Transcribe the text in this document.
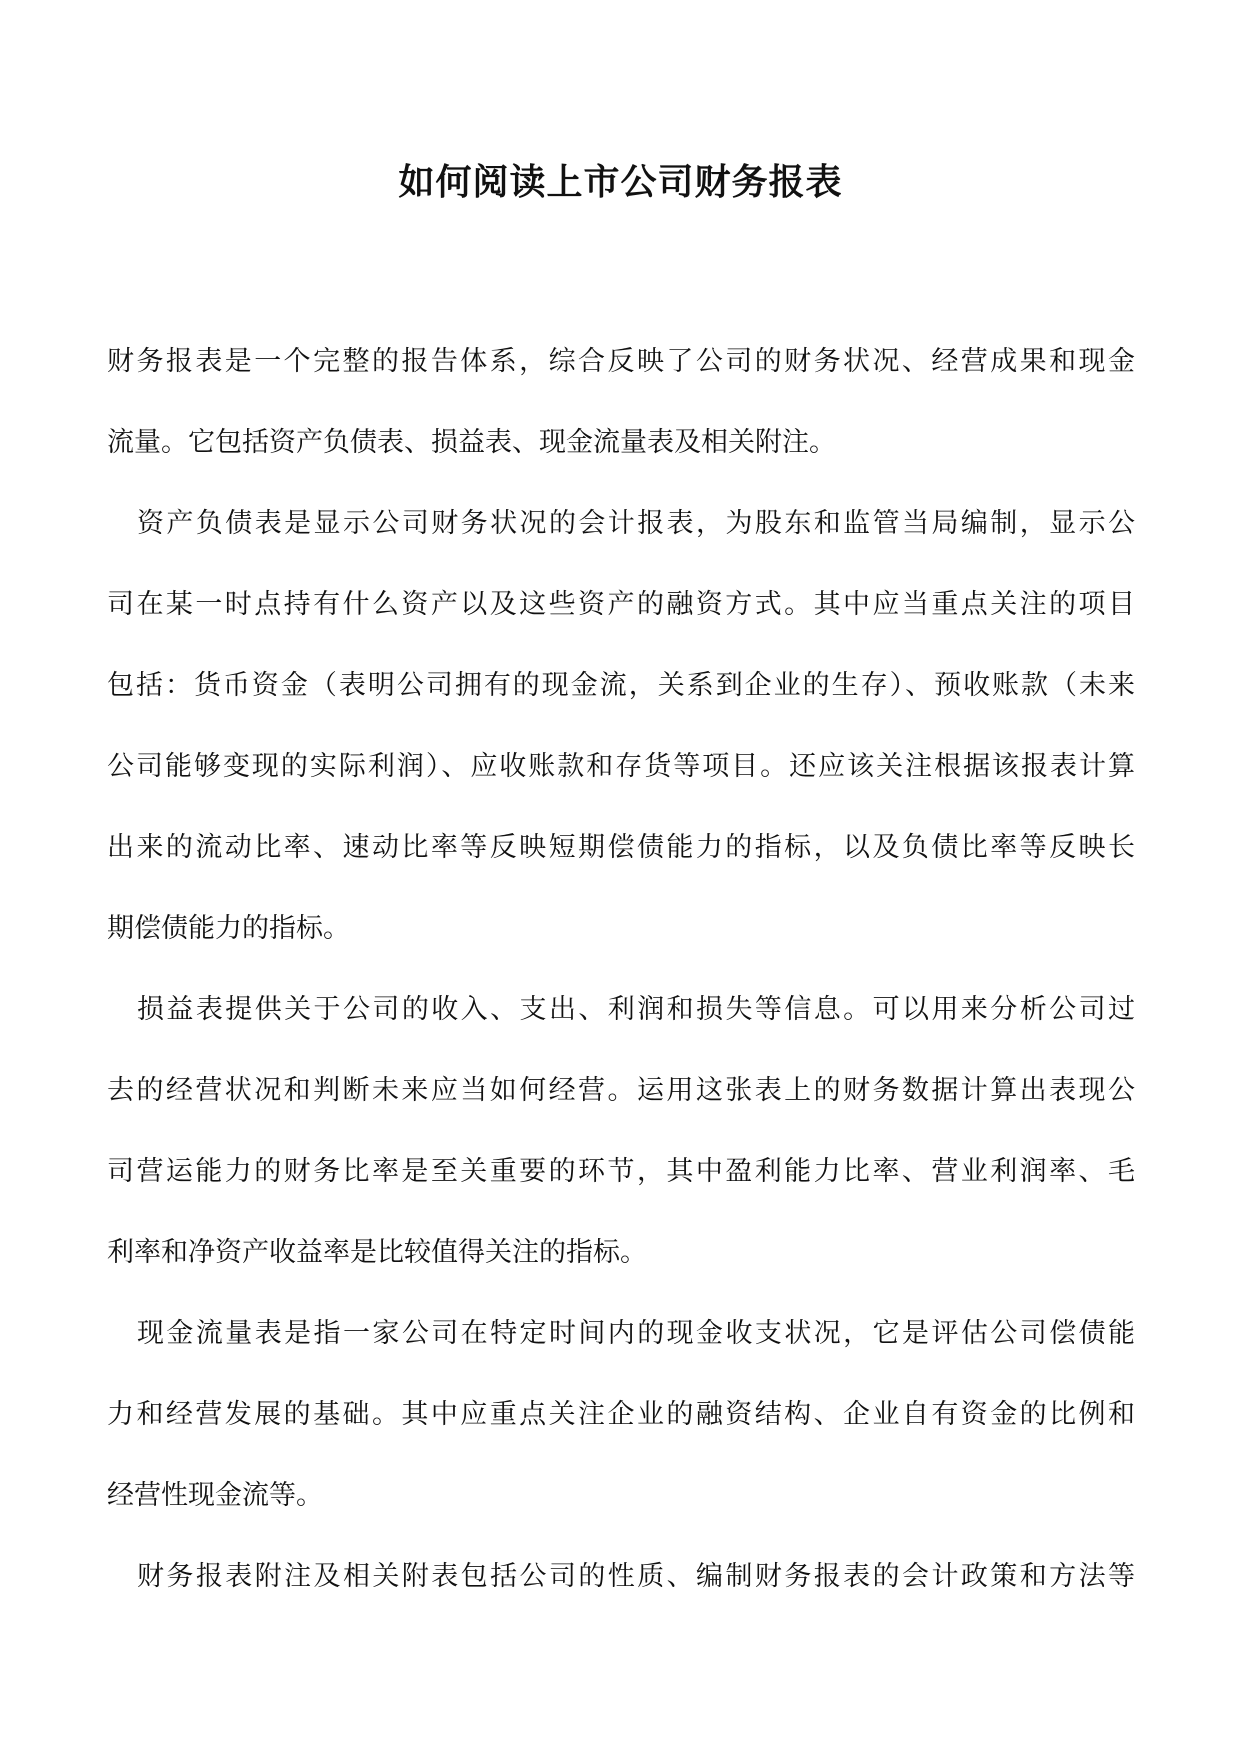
如何阅读上市公司财务报表
财务报表是一个完整的报告体系，综合反映了公司的财务状况、经营成果和现金
流量。它包括资产负债表、损益表、现金流量表及相关附注。
资产负债表是显示公司财务状况的会计报表，为股东和监管当局编制，显示公
司在某一时点持有什么资产以及这些资产的融资方式。其中应当重点关注的项目
包括：货币资金（表明公司拥有的现金流，关系到企业的生存）、预收账款（未来
公司能够变现的实际利润）、应收账款和存货等项目。还应该关注根据该报表计算
出来的流动比率、速动比率等反映短期偿债能力的指标，以及负债比率等反映长
期偿债能力的指标。
损益表提供关于公司的收入、支出、利润和损失等信息。可以用来分析公司过
去的经营状况和判断未来应当如何经营。运用这张表上的财务数据计算出表现公
司营运能力的财务比率是至关重要的环节，其中盈利能力比率、营业利润率、毛
利率和净资产收益率是比较值得关注的指标。
现金流量表是指一家公司在特定时间内的现金收支状况，它是评估公司偿债能
力和经营发展的基础。其中应重点关注企业的融资结构、企业自有资金的比例和
经营性现金流等。
财务报表附注及相关附表包括公司的性质、编制财务报表的会计政策和方法等
